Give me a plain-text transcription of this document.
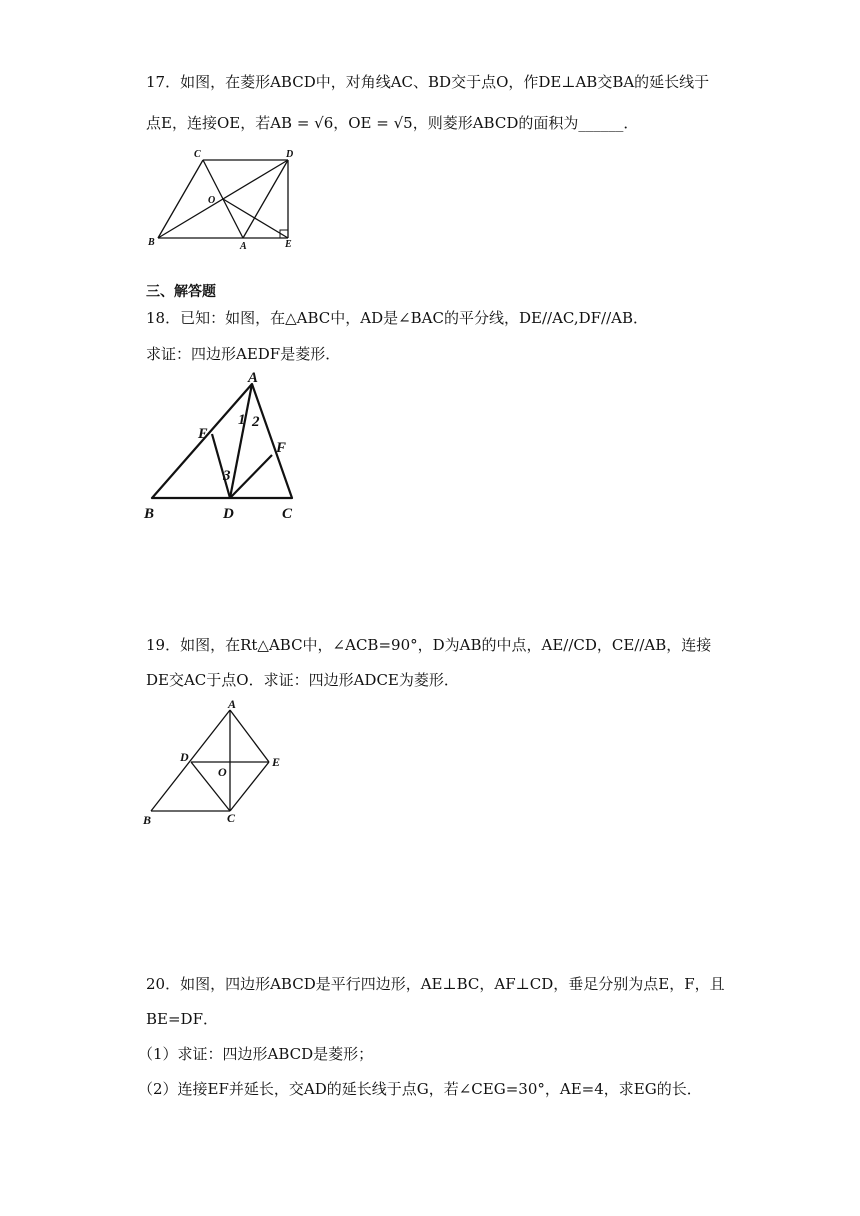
17．如图，在菱形ABCD中，对角线AC、BD交于点O，作DE⊥AB交BA的延长线于
点E，连接OE，若AB = √6，OE = √5，则菱形ABCD的面积为______．
C	D
O
B	A	E
三、解答题
18．已知：如图，在△ABC中，AD是∠BAC的平分线，DE//AC,DF//AB．
求证：四边形AEDF是菱形．
A
E
F
B	D	C
1 2
3
19．如图，在Rt△ABC中，∠ACB=90°，D为AB的中点，AE//CD，CE//AB，连接
DE交AC于点O．求证：四边形ADCE为菱形．
A
D
O
E
B	C
20．如图，四边形ABCD是平行四边形，AE⊥BC，AF⊥CD，垂足分别为点E，F，且
BE=DF．
（1）求证：四边形ABCD是菱形；
（2）连接EF并延长，交AD的延长线于点G，若∠CEG=30°，AE=4，求EG的长．
